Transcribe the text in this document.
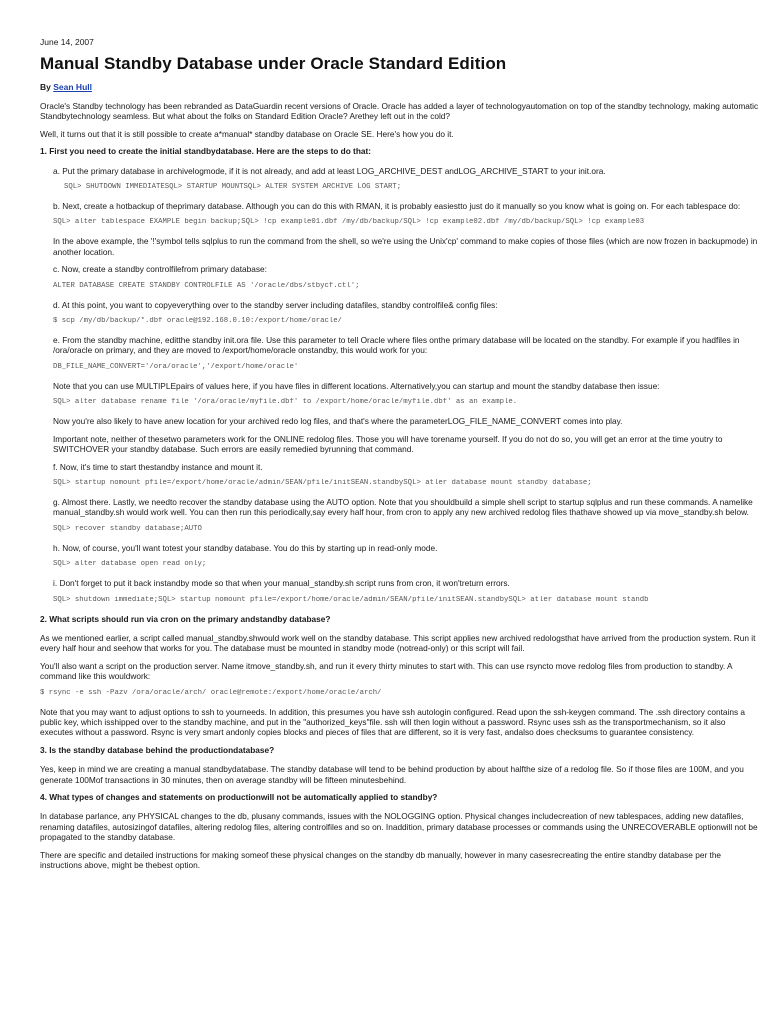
June 14, 2007
Manual Standby Database under Oracle Standard Edition
By Sean Hull

Oracle's Standby technology has been rebranded as DataGuardin recent versions of Oracle. Oracle has added a layer of technologyautomation on top of the standby technology, making automatic Standbytechnology seamless. But what about the folks on Standard Edition Oracle? Arethey left out in the cold?

Well, it turns out that it is still possible to create a*manual* standby database on Oracle SE. Here's how you do it.

1. First you need to create the initial standbydatabase. Here are the steps to do that:

a. Put the primary database in archivelogmode, if it is not already, and add at least LOG_ARCHIVE_DEST andLOG_ARCHIVE_START to your init.ora.

SQL> SHUTDOWN IMMEDIATESQL> STARTUP MOUNTSQL> ALTER SYSTEM ARCHIVE LOG START;

b. Next, create a hotbackup of theprimary database. Although you can do this with RMAN, it is probably easiestto just do it manually so you know what is going on. For each tablespace do:

SQL> alter tablespace EXAMPLE begin backup;SQL> !cp example01.dbf /my/db/backup/SQL> !cp example02.dbf /my/db/backup/SQL> !cp example03

In the above example, the '!'symbol tells sqlplus to run the command from the shell, so we're using the Unix'cp' command to make copies of those files (which are now frozen in backupmode) in another location.

c. Now, create a standby controlfilefrom primary database:

ALTER DATABASE CREATE STANDBY CONTROLFILE AS '/oracle/dbs/stbycf.ctl';

d. At this point, you want to copyeverything over to the standby server including datafiles, standby controlfile& config files:

$ scp /my/db/backup/*.dbf oracle@192.168.0.10:/export/home/oracle/

e. From the standby machine, editthe standby init.ora file. Use this parameter to tell Oracle where files onthe primary database will be located on the standby. For example if you hadfiles in /ora/oracle on primary, and they are moved to /export/home/oracle onstandby, this would work for you:

DB_FILE_NAME_CONVERT='/ora/oracle','/export/home/oracle'

Note that you can use MULTIPLEpairs of values here, if you have files in different locations. Alternatively,you can startup and mount the standby database then issue:

SQL> alter database rename file '/ora/oracle/myfile.dbf' to /export/home/oracle/myfile.dbf' as an example.

Now you're also likely to have anew location for your archived redo log files, and that's where the parameterLOG_FILE_NAME_CONVERT comes into play.

Important note, neither of thesetwo parameters work for the ONLINE redolog files. Those you will have torename yourself. If you do not do so, you will get an error at the time youtry to SWITCHOVER your standby database. Such errors are easily remedied byrunning that command.

f. Now, it's time to start thestandby instance and mount it.

SQL> startup nomount pfile=/export/home/oracle/admin/SEAN/pfile/initSEAN.standbySQL> atler database mount standby database;

g. Almost there. Lastly, we needto recover the standby database using the AUTO option. Note that you shouldbuild a simple shell script to startup sqlplus and run these commands. A namelike manual_standby.sh would work well. You can then run this periodically,say every half hour, from cron to apply any new archived redolog files thathave showed up via move_standby.sh below.

SQL> recover standby database;AUTO

h. Now, of course, you'll want totest your standby database. You do this by starting up in read-only mode.

SQL> alter database open read only;

i. Don't forget to put it back instandby mode so that when your manual_standby.sh script runs from cron, it won'treturn errors.

SQL> shutdown immediate;SQL> startup nomount pfile=/export/home/oracle/admin/SEAN/pfile/initSEAN.standbySQL> atler database mount standb

2. What scripts should run via cron on the primary andstandby database?

As we mentioned earlier, a script called manual_standby.shwould work well on the standby database. This script applies new archived redologsthat have arrived from the production system. Run it every half hour and seehow that works for you. The database must be mounted in standby mode (notread-only) or this script will fail.

You'll also want a script on the production server. Name itmove_standby.sh, and run it every thirty minutes to start with. This can use rsyncto move redolog files from production to standby. A command like this wouldwork:

$ rsync -e ssh -Pazv /ora/oracle/arch/ oracle@remote:/export/home/oracle/arch/

Note that you may want to adjust options to ssh to yourneeds. In addition, this presumes you have ssh autologin configured. Read upon the ssh-keygen command. The .ssh directory contains a public key, which isshipped over to the standby machine, and put in the "authorized_keys"file. ssh will then login without a password. Rsync uses ssh as the transportmechanism, so it also executes without a password. Rsync is very smart andonly copies blocks and pieces of files that are different, so it is very fast, andalso does checksums to guarantee consistency.

3. Is the standby database behind the productiondatabase?

Yes, keep in mind we are creating a manual standbydatabase. The standby database will tend to be behind production by about halfthe size of a redolog file. So if those files are 100M, and you generate 100Mof transactions in 30 minutes, then on average standby will be fifteen minutesbehind.

4. What types of changes and statements on productionwill not be automatically applied to standby?

In database parlance, any PHYSICAL changes to the db, plusany commands, issues with the NOLOGGING option. Physical changes includecreation of new tablespaces, adding new datafiles, renaming datafiles, autosizingof datafiles, altering redolog files, altering controlfiles and so on. Inaddition, primary database processes or commands using the UNRECOVERABLE optionwill not be propagated to the standby database.

There are specific and detailed instructions for making someof these physical changes on the standby db manually, however in many casesrecreating the entire standby database per the instructions above, might be thebest option.
